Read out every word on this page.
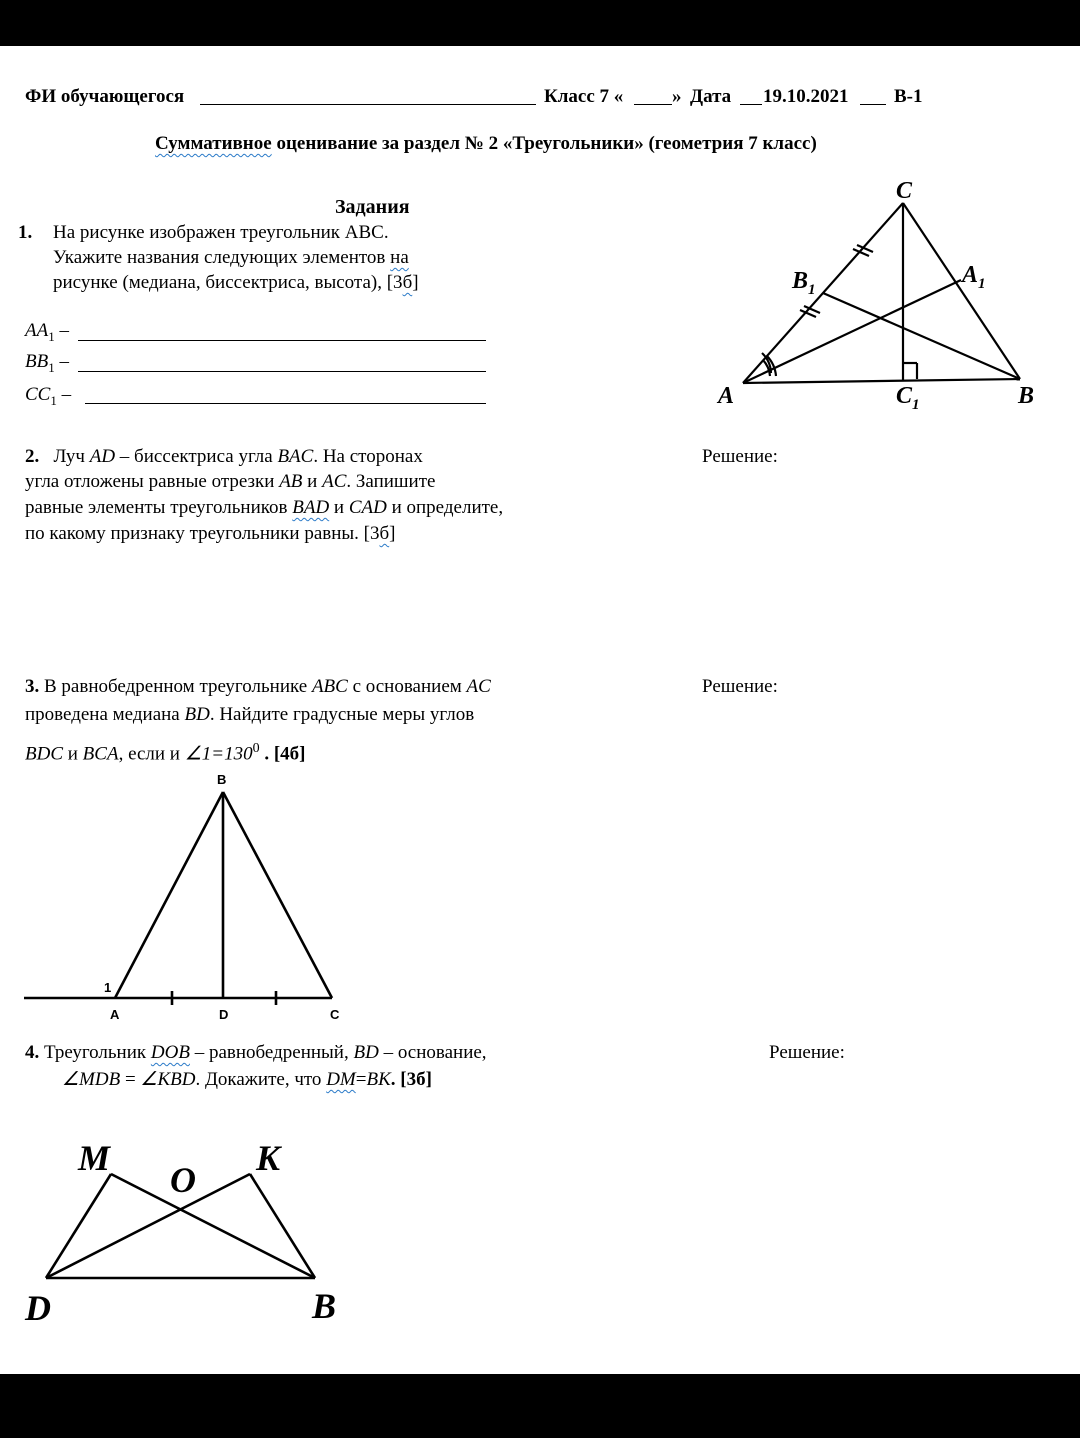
ФИ обучающегося	Класс 7 «	» Дата 19.10.2021 В-1
Суммативное оценивание за раздел № 2 «Треугольники» (геометрия 7 класс)
Задания
1. На рисунке изображен треугольник ABC.
Укажите названия следующих элементов на
рисунке (медиана, биссектриса, высота), [3б]
$AA_1$ –
$BB_1$ –
$CC_1$ –
C
$B_1$
$A_1$
A	$C_1$	B
2. Луч AD – биссектриса угла BAC. На сторонах
угла отложены равные отрезки AB и AC. Запишите
равные элементы треугольников BAD и CAD и определите,
по какому признаку треугольники равны. [3б]
Решение:
3. В равнобедренном треугольнике ABC с основанием AC
проведена медиана BD. Найдите градусные меры углов
BDC и BCA, если и $\angle 1=130^0$ . [4б]
Решение:
B
1
A	D	C
4. Треугольник DOB – равнобедренный, BD – основание,
∠MDB = ∠KBD. Докажите, что DM=BK. [3б]
Решение:
M
O
K
D	B
